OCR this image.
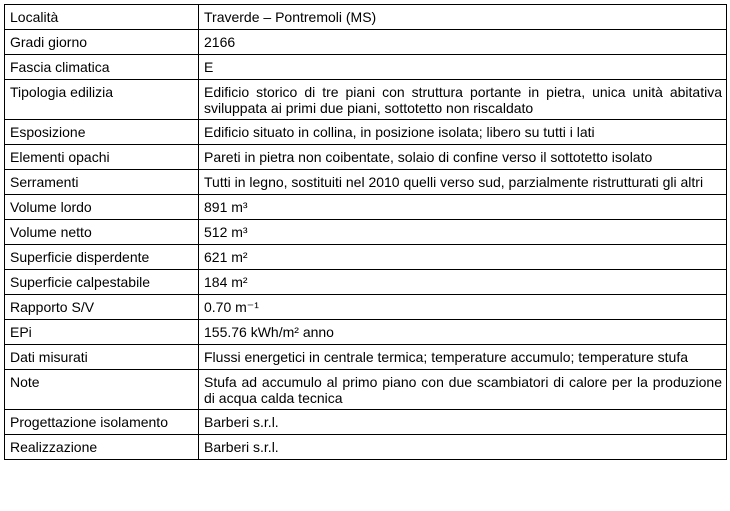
Località	Traverde – Pontremoli (MS)
Gradi giorno	2166
Fascia climatica	E
Tipologia edilizia	Edificio storico di tre piani con struttura portante in pietra, unica unità abitativa sviluppata ai primi due piani, sottotetto non riscaldato
Esposizione	Edificio situato in collina, in posizione isolata; libero su tutti i lati
Elementi opachi	Pareti in pietra non coibentate, solaio di confine verso il sottotetto isolato
Serramenti	Tutti in legno, sostituiti nel 2010 quelli verso sud, parzialmente ristrutturati gli altri
Volume lordo	891 m³
Volume netto	512 m³
Superficie disperdente	621 m²
Superficie calpestabile	184 m²
Rapporto S/V	0.70 m⁻¹
EPi	155.76 kWh/m² anno
Dati misurati	Flussi energetici in centrale termica; temperature accumulo; temperature stufa
Note	Stufa ad accumulo al primo piano con due scambiatori di calore per la produzione di acqua calda tecnica
Progettazione isolamento	Barberi s.r.l.
Realizzazione	Barberi s.r.l.
